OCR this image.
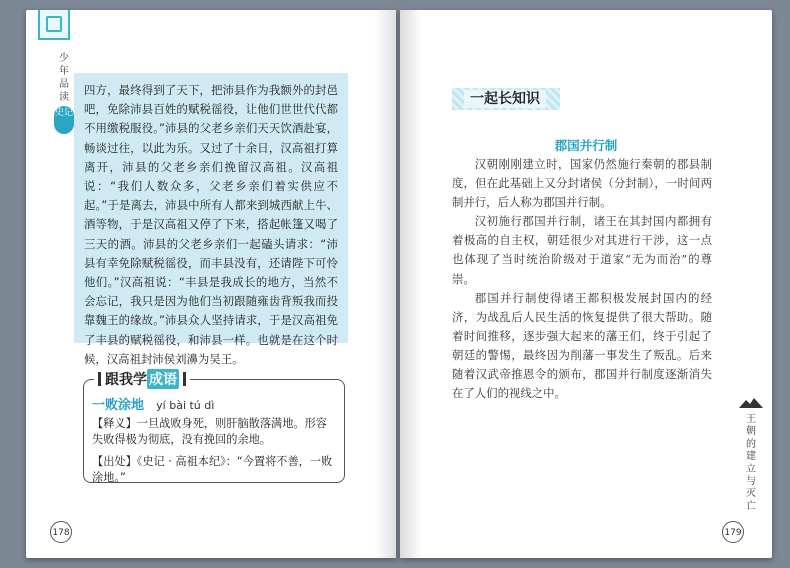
少年品读
史记

四方，最终得到了天下，把沛县作为我额外的封邑吧，免除沛县百姓的赋税徭役，让他们世世代代都不用缴税服役。”沛县的父老乡亲们天天饮酒赴宴，畅谈过往，以此为乐。又过了十余日，汉高祖打算离开，沛县的父老乡亲们挽留汉高祖。汉高祖说：“我们人数众多，父老乡亲们着实供应不起。”于是离去，沛县中所有人都来到城西献上牛、酒等物，于是汉高祖又停了下来，搭起帐篷又喝了三天的酒。沛县的父老乡亲们一起磕头请求：“沛县有幸免除赋税徭役，而丰县没有，还请陛下可怜他们。”汉高祖说：“丰县是我成长的地方，当然不会忘记，我只是因为他们当初跟随雍齿背叛我而投靠魏王的缘故。”沛县众人坚持请求，于是汉高祖免了丰县的赋税徭役，和沛县一样。也就是在这个时候，汉高祖封沛侯刘濞为吴王。

跟我学 成语
一败涂地 yí bài tú dì

【释义】一旦战败身死，则肝脑散落满地。形容失败得极为彻底，没有挽回的余地。

【出处】《史记 · 高祖本纪》：“今置将不善，一败涂地。”

178
一起长知识
郡国并行制

汉朝刚刚建立时，国家仍然施行秦朝的郡县制度，但在此基础上又分封诸侯（分封制），一时间两制并行，后人称为郡国并行制。

汉初施行郡国并行制，诸王在其封国内都拥有着极高的自主权，朝廷很少对其进行干涉，这一点也体现了当时统治阶级对于道家“无为而治”的尊崇。

郡国并行制使得诸王都积极发展封国内的经济，为战乱后人民生活的恢复提供了很大帮助。随着时间推移，逐步强大起来的藩王们，终于引起了朝廷的警惕，最终因为削藩一事发生了叛乱。后来随着汉武帝推恩令的颁布，郡国并行制度逐渐消失在了人们的视线之中。

王朝的建立与灭亡
179
